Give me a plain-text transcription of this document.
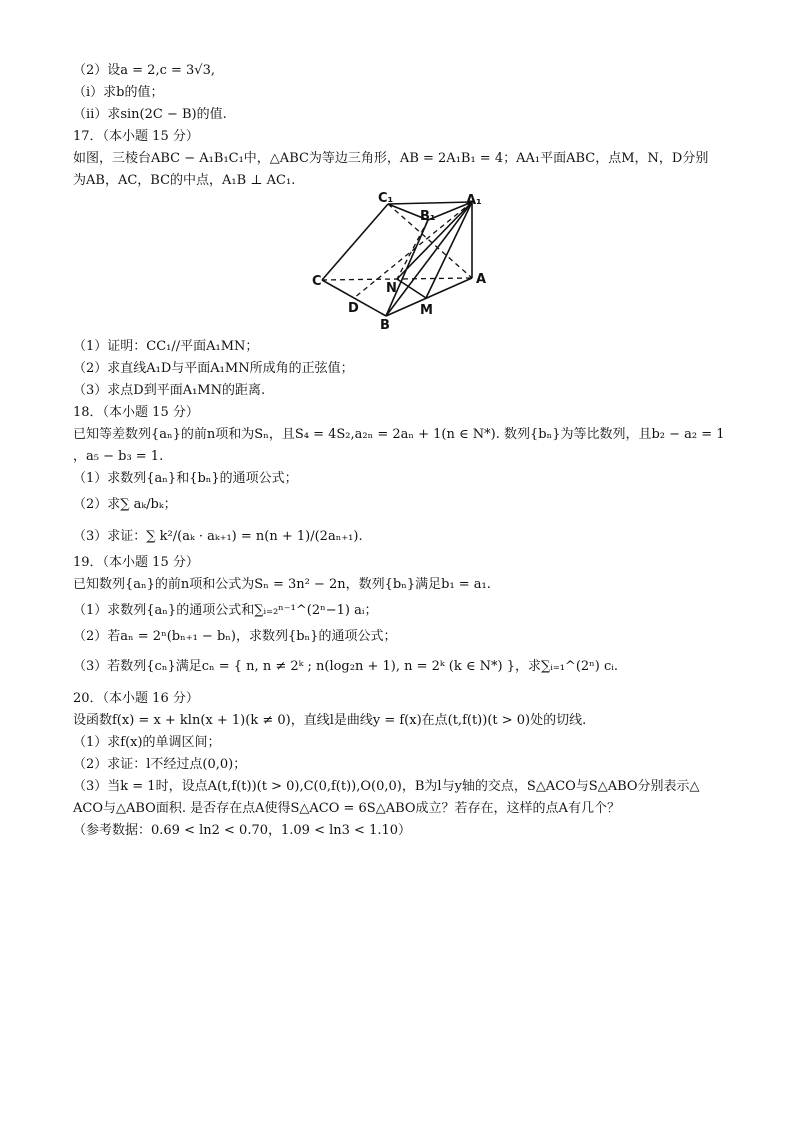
（2）设a = 2,c = 3√3,
（ⅰ）求b的值；
（ⅱ）求sin(2C − B)的值.
17．（本小题 15 分）
如图，三棱台ABC − A₁B₁C₁中，△ABC为等边三角形，AB = 2A₁B₁ = 4；AA₁平面ABC，点M，N，D分别
为AB，AC，BC的中点，A₁B ⊥ AC₁.
C₁
B₁
A₁
C	A
N
D	M
B
（1）证明：CC₁//平面A₁MN；
（2）求直线A₁D与平面A₁MN所成角的正弦值；
（3）求点D到平面A₁MN的距离.
18．（本小题 15 分）
已知等差数列{aₙ}的前n项和为Sₙ，且S₄ = 4S₂,a₂ₙ = 2aₙ + 1(n ∈ N*). 数列{bₙ}为等比数列，且b₂ − a₂ = 1
，a₅ − b₃ = 1.
（1）求数列{aₙ}和{bₙ}的通项公式；
（2）求∑ aₖ/bₖ；
（3）求证：∑ k²/(aₖ · aₖ₊₁) = n(n + 1)/(2aₙ₊₁).
19．（本小题 15 分）
已知数列{aₙ}的前n项和公式为Sₙ = 3n² − 2n，数列{bₙ}满足b₁ = a₁.
（1）求数列{aₙ}的通项公式和∑ᵢ₌₂ⁿ⁻¹^(2ⁿ−1) aᵢ；
（2）若aₙ = 2ⁿ(bₙ₊₁ − bₙ)，求数列{bₙ}的通项公式；
（3）若数列{cₙ}满足cₙ = { n, n ≠ 2ᵏ ; n(log₂n + 1), n = 2ᵏ (k ∈ N*) }，求∑ᵢ₌₁^(2ⁿ) cᵢ.
20．（本小题 16 分）
设函数f(x) = x + kln(x + 1)(k ≠ 0)，直线l是曲线y = f(x)在点(t,f(t))(t > 0)处的切线.
（1）求f(x)的单调区间；
（2）求证：l不经过点(0,0)；
（3）当k = 1时，设点A(t,f(t))(t > 0),C(0,f(t)),O(0,0)，B为l与y轴的交点，S△ACO与S△ABO分别表示△
ACO与△ABO面积. 是否存在点A使得S△ACO = 6S△ABO成立？若存在，这样的点A有几个？
（参考数据：0.69 < ln2 < 0.70，1.09 < ln3 < 1.10）
